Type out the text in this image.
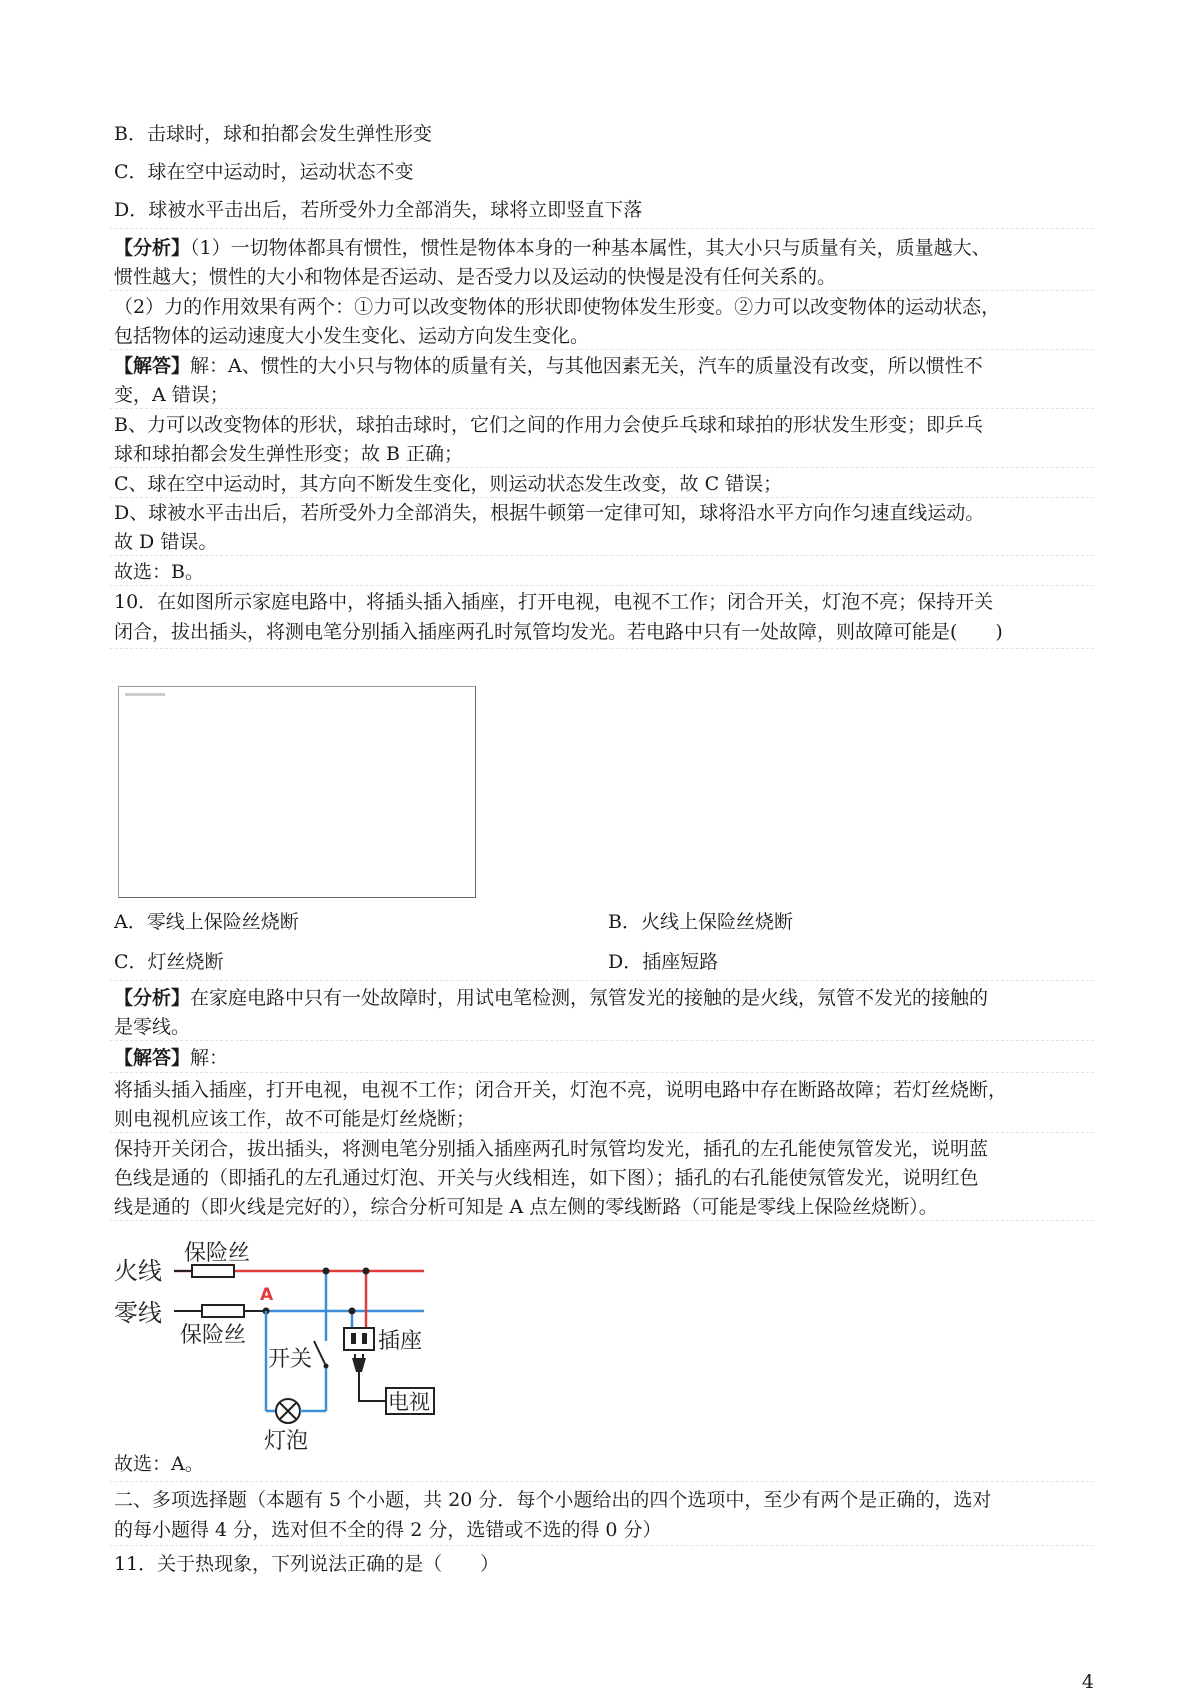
B．击球时，球和拍都会发生弹性形变
C．球在空中运动时，运动状态不变
D．球被水平击出后，若所受外力全部消失，球将立即竖直下落
【分析】（1）一切物体都具有惯性，惯性是物体本身的一种基本属性，其大小只与质量有关，质量越大、
惯性越大；惯性的大小和物体是否运动、是否受力以及运动的快慢是没有任何关系的。
（2）力的作用效果有两个：①力可以改变物体的形状即使物体发生形变。②力可以改变物体的运动状态，
包括物体的运动速度大小发生变化、运动方向发生变化。
【解答】解：A、惯性的大小只与物体的质量有关，与其他因素无关，汽车的质量没有改变，所以惯性不
变，A 错误；
B、力可以改变物体的形状，球拍击球时，它们之间的作用力会使乒乓球和球拍的形状发生形变；即乒乓
球和球拍都会发生弹性形变；故 B 正确；
C、球在空中运动时，其方向不断发生变化，则运动状态发生改变，故 C 错误；
D、球被水平击出后，若所受外力全部消失，根据牛顿第一定律可知，球将沿水平方向作匀速直线运动。
故 D 错误。
故选：B。
10．在如图所示家庭电路中，将插头插入插座，打开电视，电视不工作；闭合开关，灯泡不亮；保持开关
闭合，拔出插头，将测电笔分别插入插座两孔时氖管均发光。若电路中只有一处故障，则故障可能是(　　)
A．零线上保险丝烧断	B．火线上保险丝烧断
C．灯丝烧断	D．插座短路
【分析】在家庭电路中只有一处故障时，用试电笔检测，氖管发光的接触的是火线，氖管不发光的接触的
是零线。
【解答】解：
将插头插入插座，打开电视，电视不工作；闭合开关，灯泡不亮，说明电路中存在断路故障；若灯丝烧断，
则电视机应该工作，故不可能是灯丝烧断；
保持开关闭合，拔出插头，将测电笔分别插入插座两孔时氖管均发光，插孔的左孔能使氖管发光，说明蓝
色线是通的（即插孔的左孔通过灯泡、开关与火线相连，如下图）；插孔的右孔能使氖管发光，说明红色
线是通的（即火线是完好的），综合分析可知是 A 点左侧的零线断路（可能是零线上保险丝烧断）。
火线
零线
保险丝
保险丝
A
开关
灯泡
插座
电视
故选：A。
二、多项选择题（本题有 5 个小题，共 20 分．每个小题给出的四个选项中，至少有两个是正确的，选对
的每小题得 4 分，选对但不全的得 2 分，选错或不选的得 0 分）
11．关于热现象，下列说法正确的是（　　）
4
